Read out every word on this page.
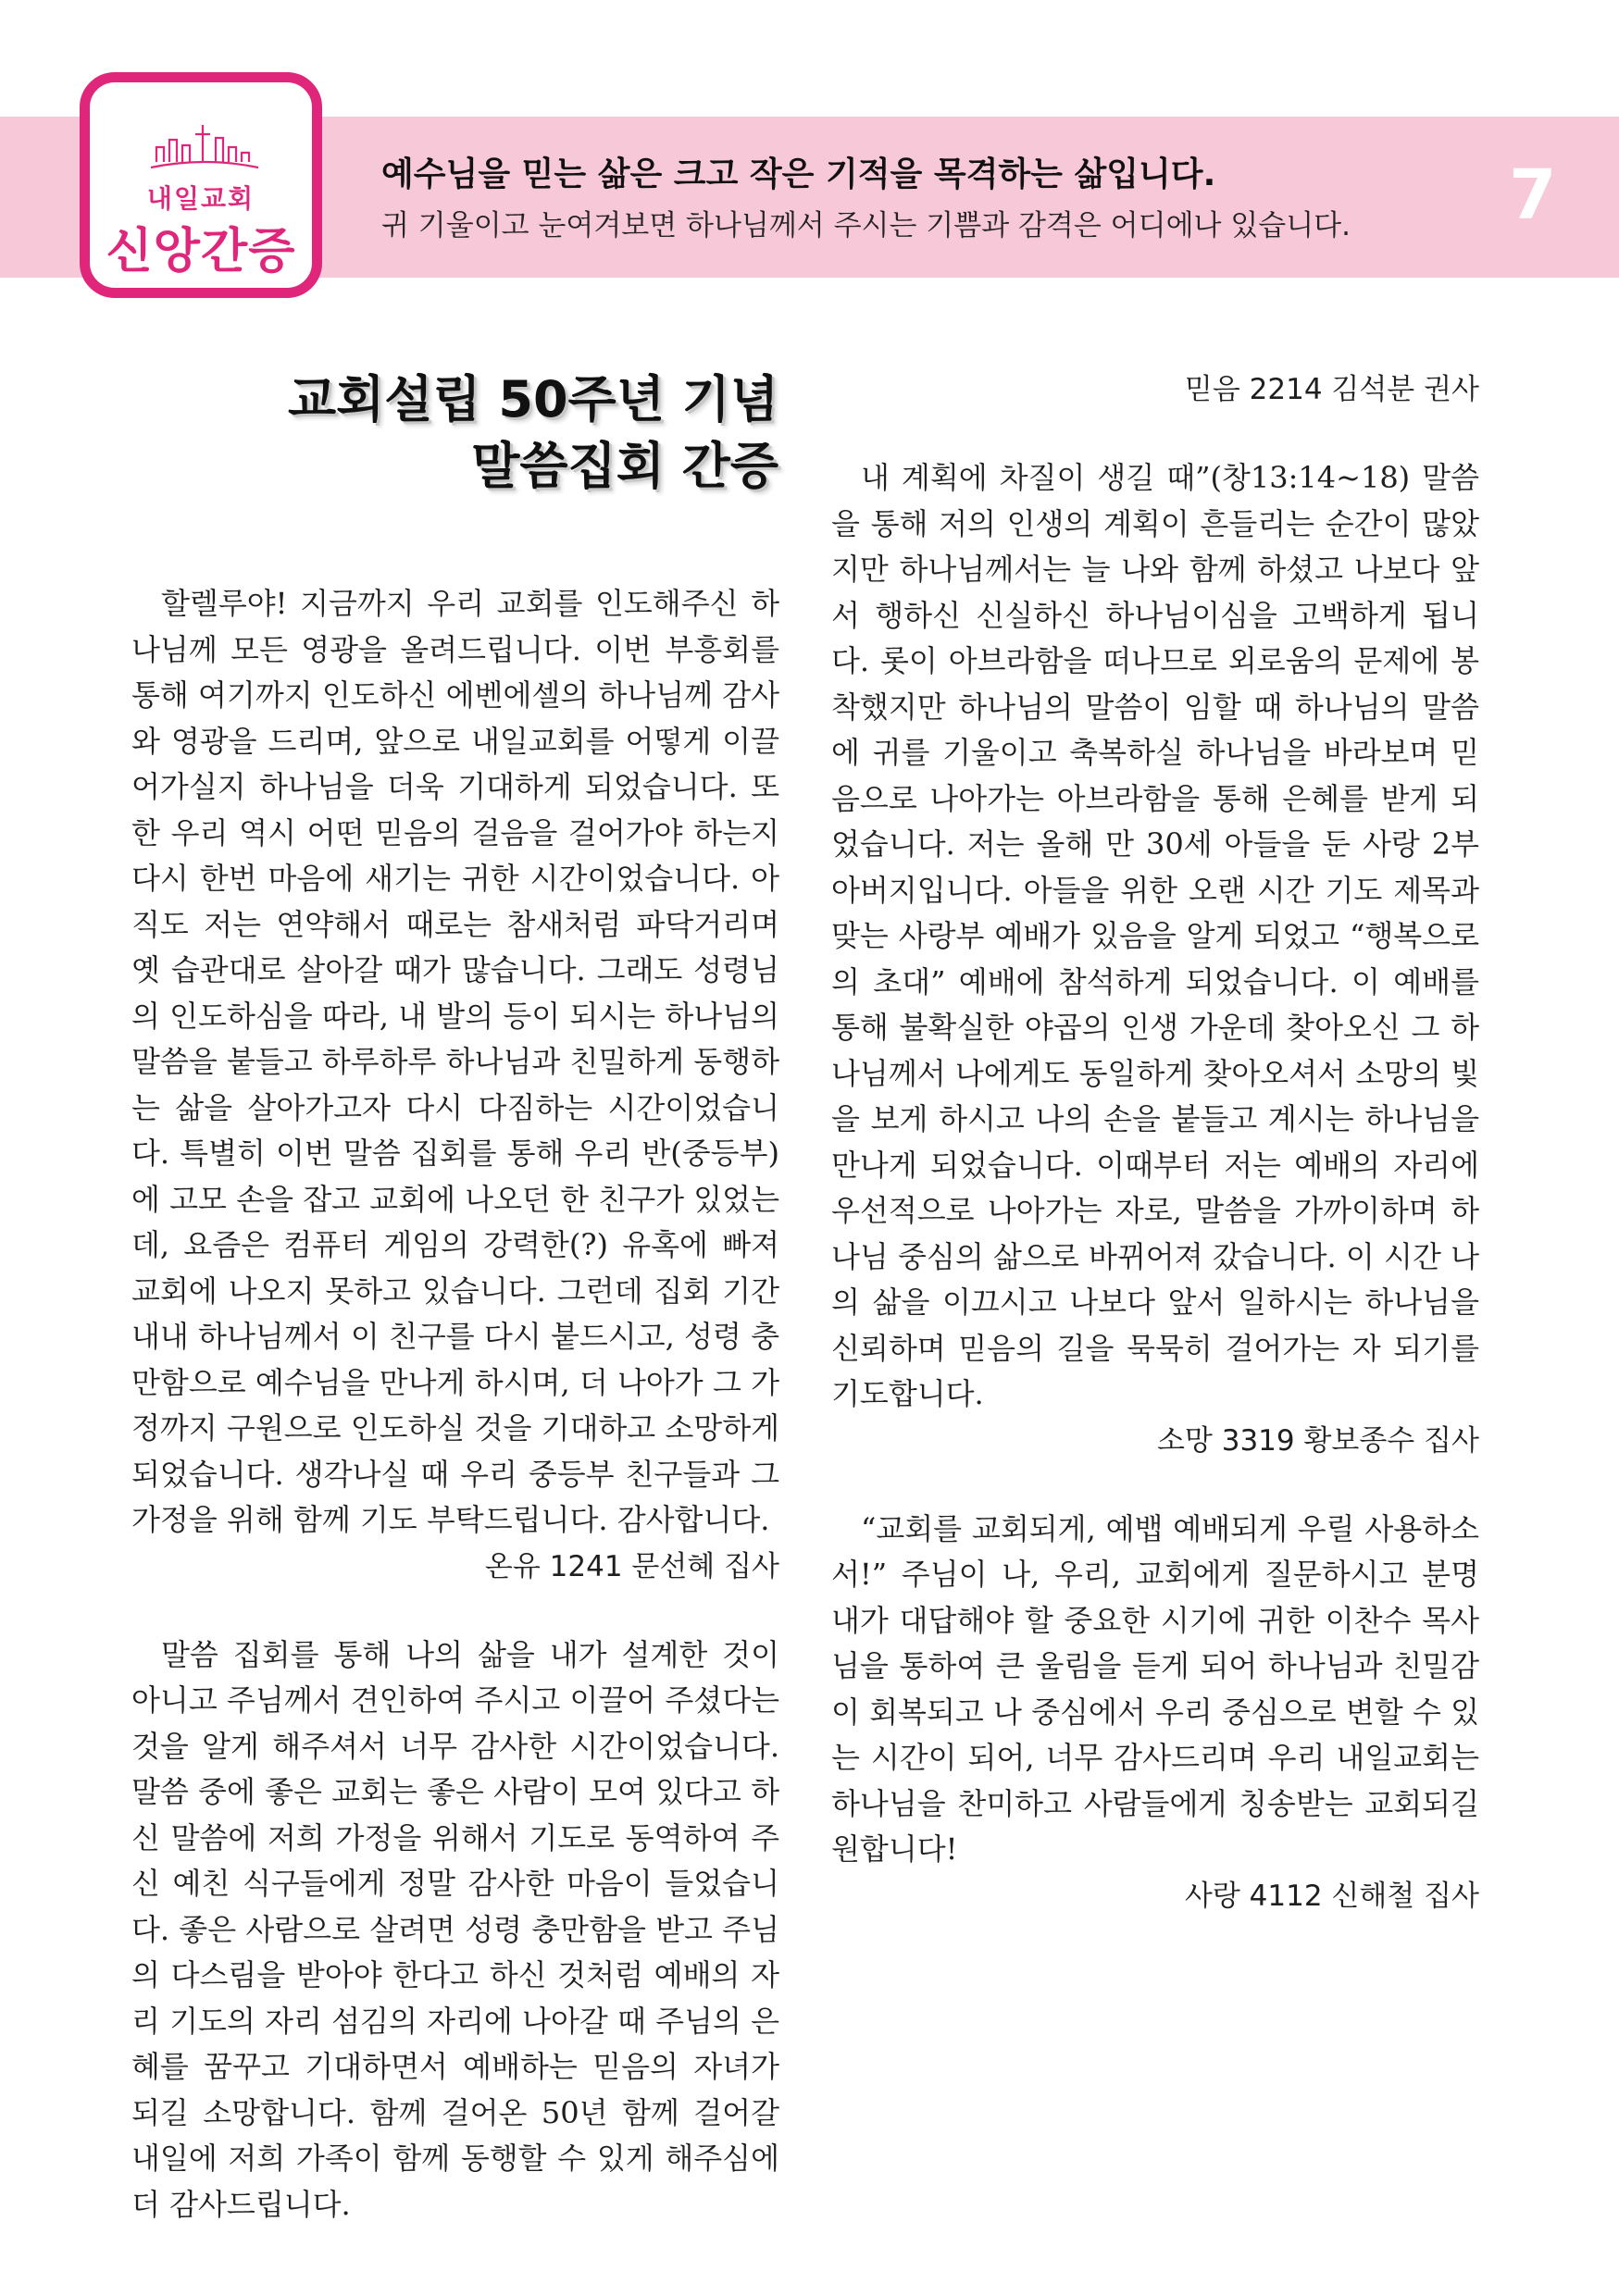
내일교회
신앙간증
예수님을 믿는 삶은 크고 작은 기적을 목격하는 삶입니다.
귀 기울이고 눈여겨보면 하나님께서 주시는 기쁨과 감격은 어디에나 있습니다.	7
교회설립 50주년 기념
말씀집회 간증
할렐루야! 지금까지 우리 교회를 인도해주신 하나님께 모든 영광을 올려드립니다. 이번 부흥회를 통해 여기까지 인도하신 에벤에셀의 하나님께 감사와 영광을 드리며, 앞으로 내일교회를 어떻게 이끌어가실지 하나님을 더욱 기대하게 되었습니다. 또한 우리 역시 어떤 믿음의 걸음을 걸어가야 하는지 다시 한번 마음에 새기는 귀한 시간이었습니다. 아직도 저는 연약해서 때로는 참새처럼 파닥거리며 옛 습관대로 살아갈 때가 많습니다. 그래도 성령님의 인도하심을 따라, 내 발의 등이 되시는 하나님의 말씀을 붙들고 하루하루 하나님과 친밀하게 동행하는 삶을 살아가고자 다시 다짐하는 시간이었습니다. 특별히 이번 말씀 집회를 통해 우리 반(중등부)에 고모 손을 잡고 교회에 나오던 한 친구가 있었는데, 요즘은 컴퓨터 게임의 강력한(?) 유혹에 빠져 교회에 나오지 못하고 있습니다. 그런데 집회 기간 내내 하나님께서 이 친구를 다시 붙드시고, 성령 충만함으로 예수님을 만나게 하시며, 더 나아가 그 가정까지 구원으로 인도하실 것을 기대하고 소망하게 되었습니다. 생각나실 때 우리 중등부 친구들과 그 가정을 위해 함께 기도 부탁드립니다. 감사합니다.
온유 1241 문선혜 집사
말씀 집회를 통해 나의 삶을 내가 설계한 것이 아니고 주님께서 견인하여 주시고 이끌어 주셨다는 것을 알게 해주셔서 너무 감사한 시간이었습니다. 말씀 중에 좋은 교회는 좋은 사람이 모여 있다고 하신 말씀에 저희 가정을 위해서 기도로 동역하여 주신 예친 식구들에게 정말 감사한 마음이 들었습니다. 좋은 사람으로 살려면 성령 충만함을 받고 주님의 다스림을 받아야 한다고 하신 것처럼 예배의 자리 기도의 자리 섬김의 자리에 나아갈 때 주님의 은혜를 꿈꾸고 기대하면서 예배하는 믿음의 자녀가 되길 소망합니다. 함께 걸어온 50년 함께 걸어갈 내일에 저희 가족이 함께 동행할 수 있게 해주심에 더 감사드립니다.
믿음 2214 김석분 권사
내 계획에 차질이 생길 때”(창13:14~18) 말씀을 통해 저의 인생의 계획이 흔들리는 순간이 많았지만 하나님께서는 늘 나와 함께 하셨고 나보다 앞서 행하신 신실하신 하나님이심을 고백하게 됩니다. 롯이 아브라함을 떠나므로 외로움의 문제에 봉착했지만 하나님의 말씀이 임할 때 하나님의 말씀에 귀를 기울이고 축복하실 하나님을 바라보며 믿음으로 나아가는 아브라함을 통해 은혜를 받게 되었습니다. 저는 올해 만 30세 아들을 둔 사랑 2부 아버지입니다. 아들을 위한 오랜 시간 기도 제목과 맞는 사랑부 예배가 있음을 알게 되었고 “행복으로의 초대” 예배에 참석하게 되었습니다. 이 예배를 통해 불확실한 야곱의 인생 가운데 찾아오신 그 하나님께서 나에게도 동일하게 찾아오셔서 소망의 빛을 보게 하시고 나의 손을 붙들고 계시는 하나님을 만나게 되었습니다. 이때부터 저는 예배의 자리에 우선적으로 나아가는 자로, 말씀을 가까이하며 하나님 중심의 삶으로 바뀌어져 갔습니다. 이 시간 나의 삶을 이끄시고 나보다 앞서 일하시는 하나님을 신뢰하며 믿음의 길을 묵묵히 걸어가는 자 되기를 기도합니다.
소망 3319 황보종수 집사
“교회를 교회되게, 예뱁 예배되게 우릴 사용하소서!” 주님이 나, 우리, 교회에게 질문하시고 분명 내가 대답해야 할 중요한 시기에 귀한 이찬수 목사님을 통하여 큰 울림을 듣게 되어 하나님과 친밀감이 회복되고 나 중심에서 우리 중심으로 변할 수 있는 시간이 되어, 너무 감사드리며 우리 내일교회는 하나님을 찬미하고 사람들에게 칭송받는 교회되길 원합니다!
사랑 4112 신해철 집사
